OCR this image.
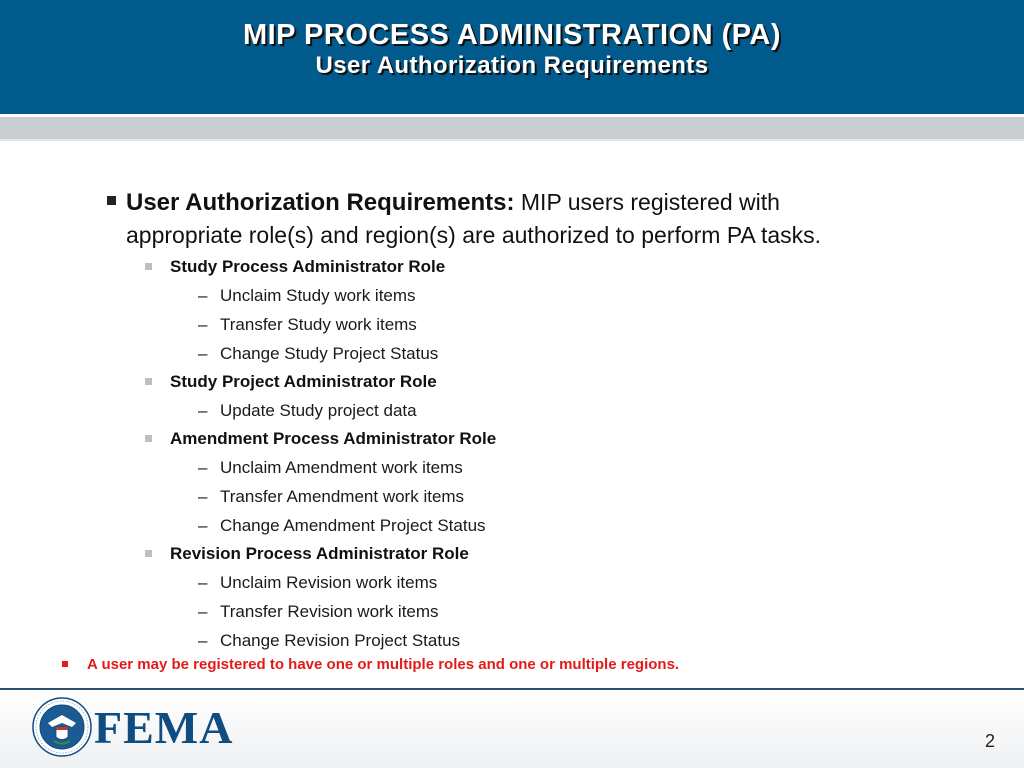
MIP PROCESS ADMINISTRATION (PA)
User Authorization Requirements
User Authorization Requirements: MIP users registered with
appropriate role(s) and region(s) are authorized to perform PA tasks.
Study Process Administrator Role
– Unclaim Study work items
– Transfer Study work items
– Change Study Project Status
Study Project Administrator Role
– Update Study project data
Amendment Process Administrator Role
– Unclaim Amendment work items
– Transfer Amendment work items
– Change Amendment Project Status
Revision Process Administrator Role
– Unclaim Revision work items
– Transfer Revision work items
– Change Revision Project Status
A user may be registered to have one or multiple roles and one or multiple regions.
FEMA	2
